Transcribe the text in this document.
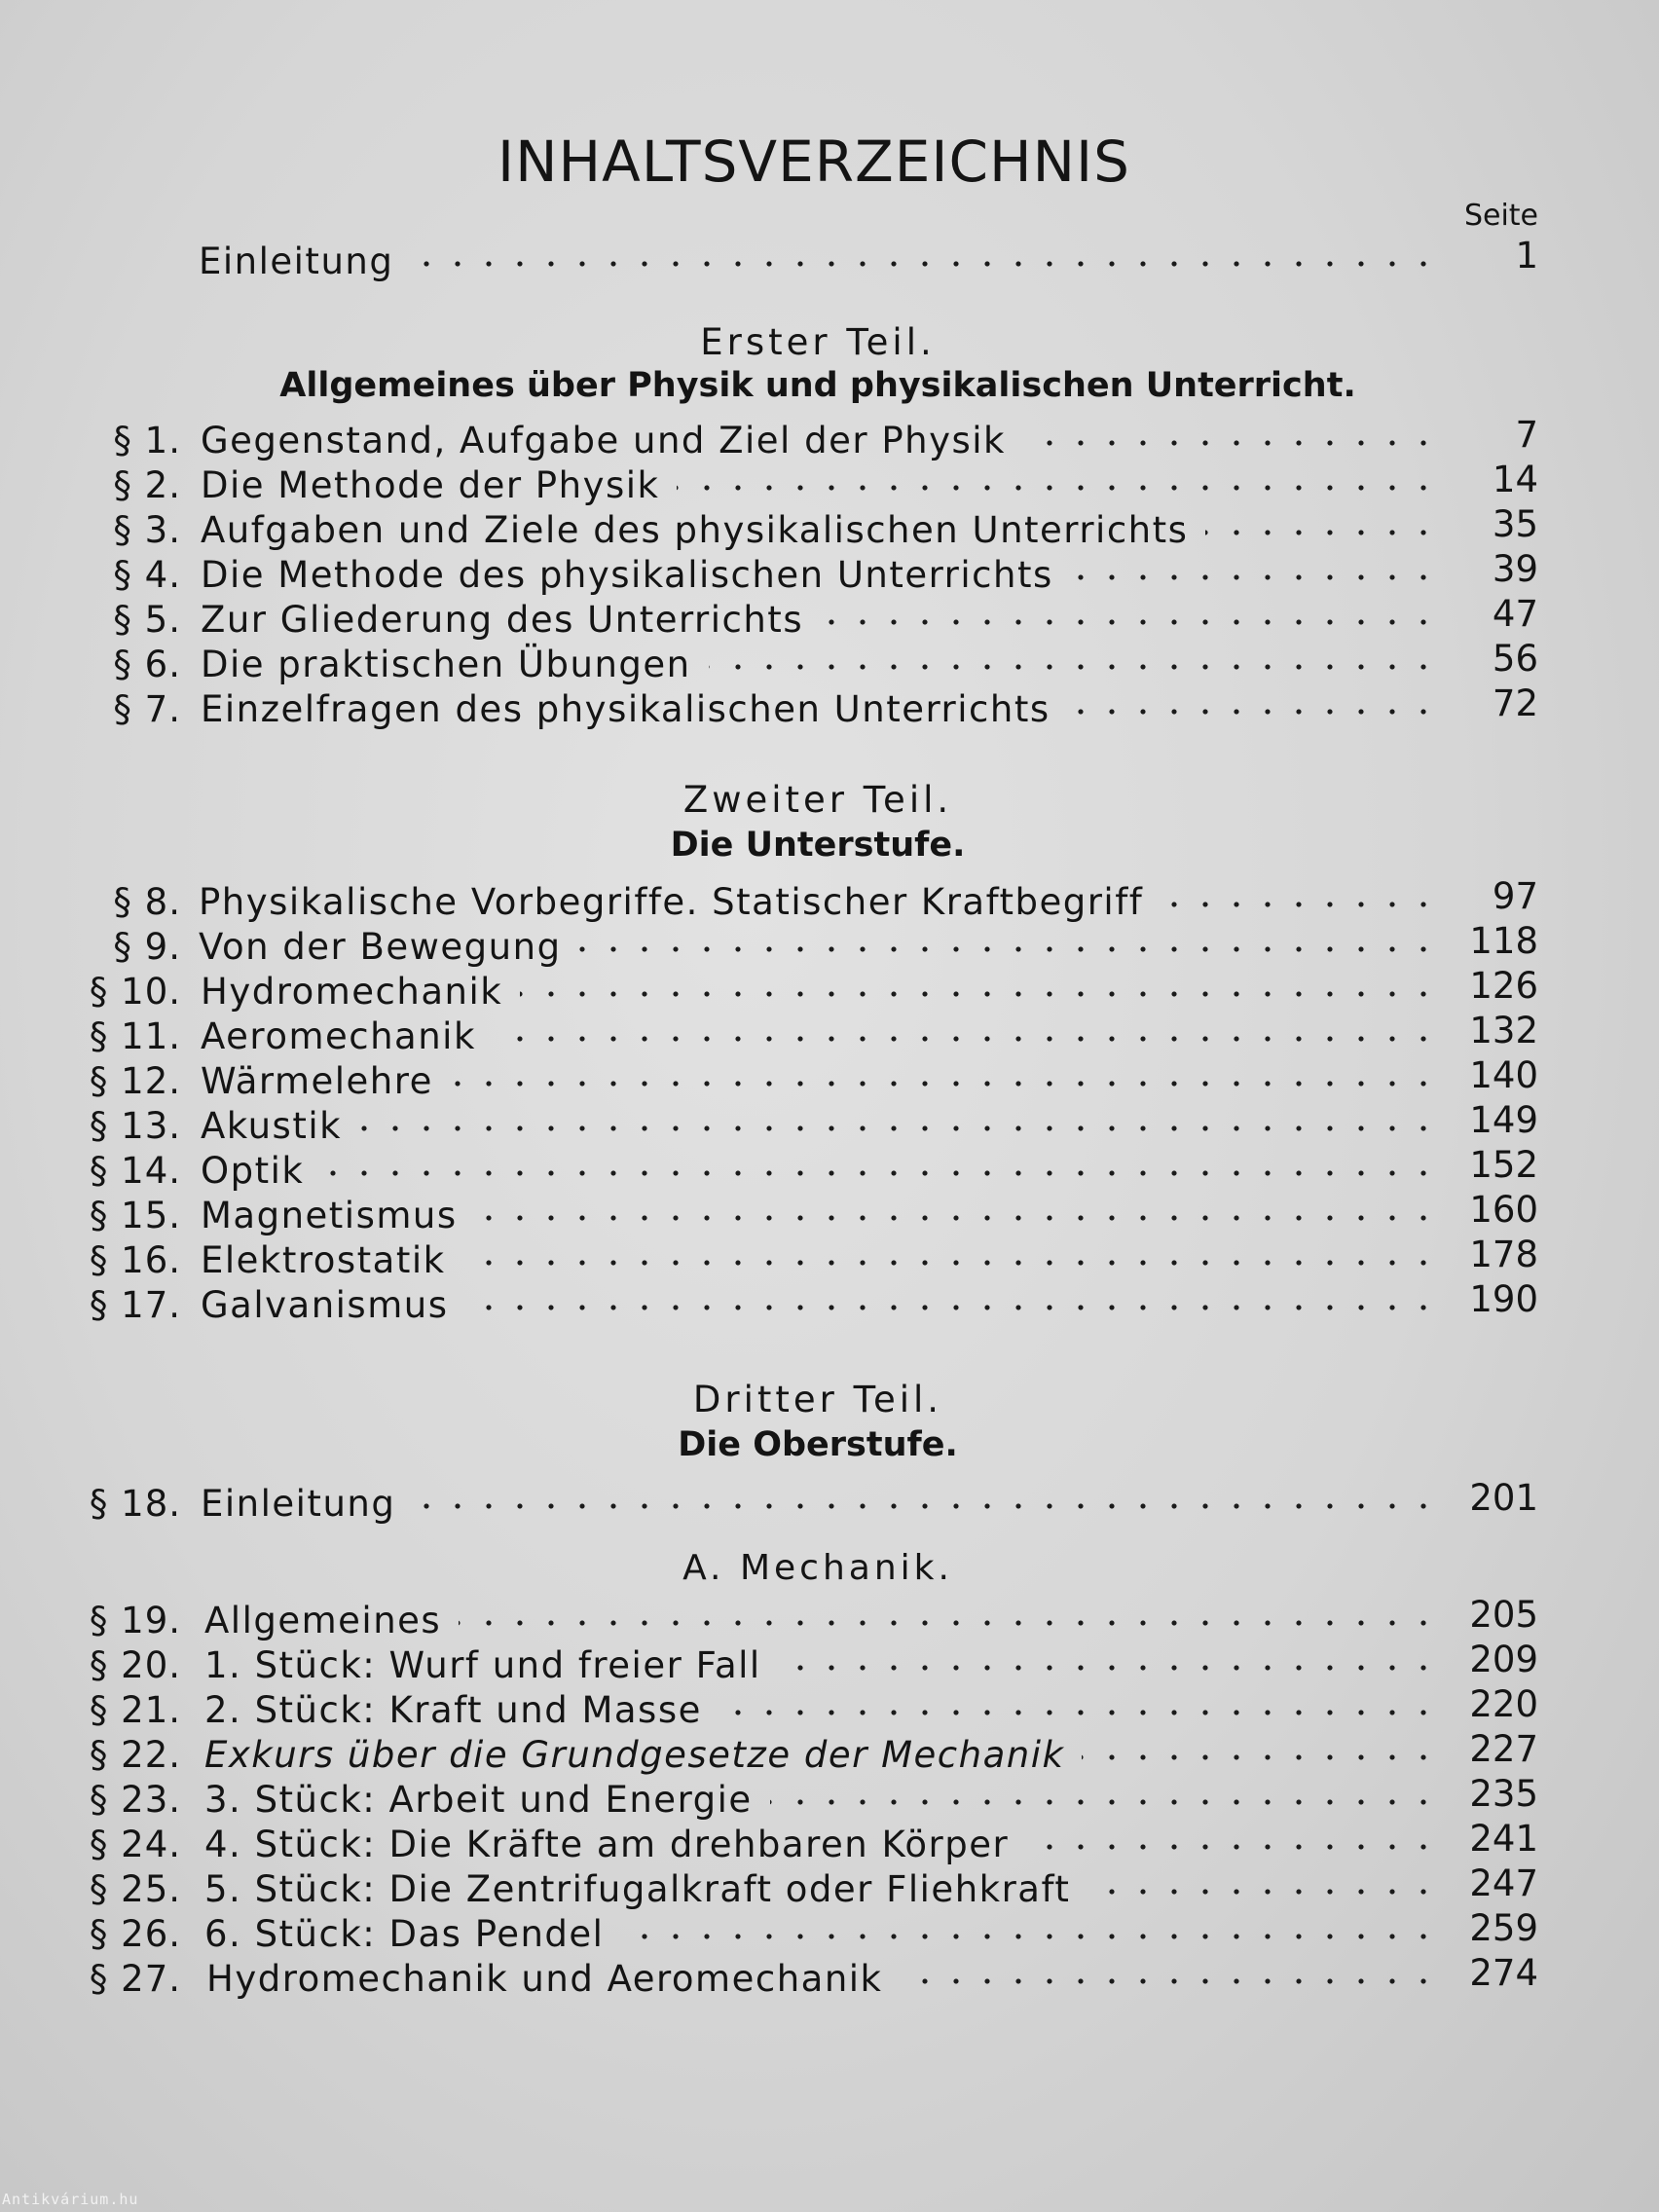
INHALTSVERZEICHNIS
Seite
Einleitung	1
Erster Teil.
Allgemeines über Physik und physikalischen Unterricht.
§ 1. Gegenstand, Aufgabe und Ziel der Physik	7
§ 2. Die Methode der Physik	14
§ 3. Aufgaben und Ziele des physikalischen Unterrichts	35
§ 4. Die Methode des physikalischen Unterrichts	39
§ 5. Zur Gliederung des Unterrichts	47
§ 6. Die praktischen Übungen	56
§ 7. Einzelfragen des physikalischen Unterrichts	72
Zweiter Teil.
Die Unterstufe.
§ 8. Physikalische Vorbegriffe. Statischer Kraftbegriff	97
§ 9. Von der Bewegung	118
§ 10. Hydromechanik	126
§ 11. Aeromechanik	132
§ 12. Wärmelehre	140
§ 13. Akustik	149
§ 14. Optik	152
§ 15. Magnetismus	160
§ 16. Elektrostatik	178
§ 17. Galvanismus	190
Dritter Teil.
Die Oberstufe.
§ 18. Einleitung	201
A. Mechanik.
§ 19. Allgemeines	205
§ 20. 1. Stück: Wurf und freier Fall	209
§ 21. 2. Stück: Kraft und Masse	220
§ 22. Exkurs über die Grundgesetze der Mechanik	227
§ 23. 3. Stück: Arbeit und Energie	235
§ 24. 4. Stück: Die Kräfte am drehbaren Körper	241
§ 25. 5. Stück: Die Zentrifugalkraft oder Fliehkraft	247
§ 26. 6. Stück: Das Pendel	259
§ 27. Hydromechanik und Aeromechanik	274
Antikvárium.hu
